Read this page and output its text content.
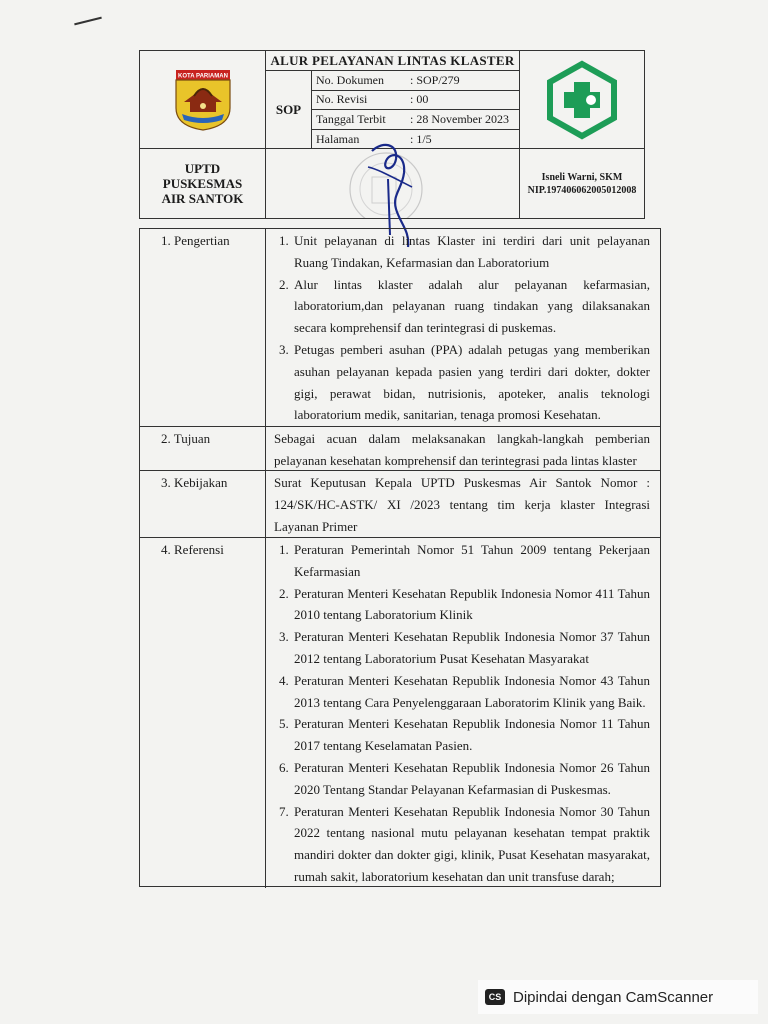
KOTA PARIAMAN
ALUR PELAYANAN LINTAS KLASTER
SOP
No. Dokumen	: SOP/279
No. Revisi	: 00
Tanggal Terbit	: 28 November 2023
Halaman	: 1/5
UPTD
PUSKESMAS
AIR SANTOK
Isneli Warni, SKM
NIP.197406062005012008
1. Pengertian	1. Unit pelayanan di lintas Klaster ini terdiri dari unit pelayanan Ruang Tindakan, Kefarmasian dan Laboratorium
2. Alur lintas klaster adalah alur pelayanan kefarmasian, laboratorium,dan pelayanan ruang tindakan yang dilaksanakan secara komprehensif dan terintegrasi di puskemas.
3. Petugas pemberi asuhan (PPA) adalah petugas yang memberikan asuhan pelayanan kepada pasien yang terdiri dari dokter, dokter gigi, perawat bidan, nutrisionis, apoteker, analis teknologi laboratorium medik, sanitarian, tenaga promosi Kesehatan.
2. Tujuan	Sebagai acuan dalam melaksanakan langkah-langkah pemberian pelayanan kesehatan komprehensif dan terintegrasi pada lintas klaster

3. Kebijakan	Surat Keputusan Kepala UPTD Puskesmas Air Santok Nomor : 124/SK/HC-ASTK/ XI /2023 tentang tim kerja klaster Integrasi Layanan Primer

4. Referensi	1. Peraturan Pemerintah Nomor 51 Tahun 2009 tentang Pekerjaan Kefarmasian
2. Peraturan Menteri Kesehatan Republik Indonesia Nomor 411 Tahun 2010 tentang Laboratorium Klinik
3. Peraturan Menteri Kesehatan Republik Indonesia Nomor 37 Tahun 2012 tentang Laboratorium Pusat Kesehatan Masyarakat
4. Peraturan Menteri Kesehatan Republik Indonesia Nomor 43 Tahun 2013 tentang Cara Penyelenggaraan Laboratorim Klinik yang Baik.
5. Peraturan Menteri Kesehatan Republik Indonesia Nomor 11 Tahun 2017 tentang Keselamatan Pasien.
6. Peraturan Menteri Kesehatan Republik Indonesia Nomor 26 Tahun 2020 Tentang Standar Pelayanan Kefarmasian di Puskesmas.
7. Peraturan Menteri Kesehatan Republik Indonesia Nomor 30 Tahun 2022 tentang nasional mutu pelayanan kesehatan tempat praktik mandiri dokter dan dokter gigi, klinik, Pusat Kesehatan masyarakat, rumah sakit, laboratorium kesehatan dan unit transfuse darah;
CS Dipindai dengan CamScanner
